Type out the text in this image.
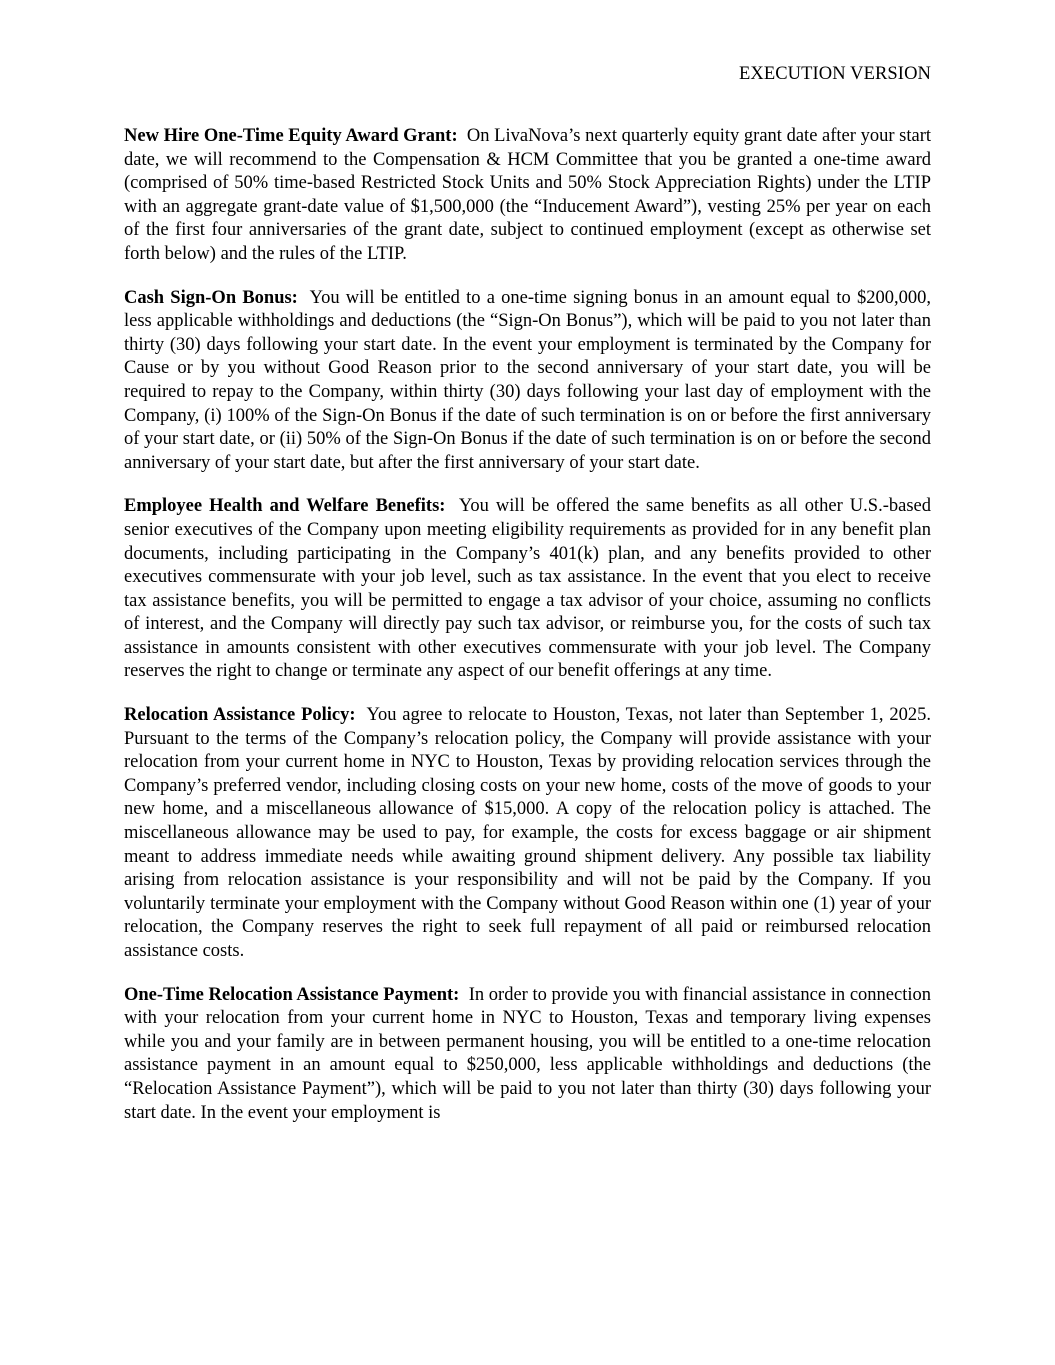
EXECUTION VERSION

New Hire One-Time Equity Award Grant: On LivaNova’s next quarterly equity grant date after your start date, we will recommend to the Compensation & HCM Committee that you be granted a one-time award (comprised of 50% time-based Restricted Stock Units and 50% Stock Appreciation Rights) under the LTIP with an aggregate grant-date value of $1,500,000 (the “Inducement Award”), vesting 25% per year on each of the first four anniversaries of the grant date, subject to continued employment (except as otherwise set forth below) and the rules of the LTIP.

Cash Sign-On Bonus: You will be entitled to a one-time signing bonus in an amount equal to $200,000, less applicable withholdings and deductions (the “Sign-On Bonus”), which will be paid to you not later than thirty (30) days following your start date. In the event your employment is terminated by the Company for Cause or by you without Good Reason prior to the second anniversary of your start date, you will be required to repay to the Company, within thirty (30) days following your last day of employment with the Company, (i) 100% of the Sign-On Bonus if the date of such termination is on or before the first anniversary of your start date, or (ii) 50% of the Sign-On Bonus if the date of such termination is on or before the second anniversary of your start date, but after the first anniversary of your start date.

Employee Health and Welfare Benefits: You will be offered the same benefits as all other U.S.-based senior executives of the Company upon meeting eligibility requirements as provided for in any benefit plan documents, including participating in the Company’s 401(k) plan, and any benefits provided to other executives commensurate with your job level, such as tax assistance. In the event that you elect to receive tax assistance benefits, you will be permitted to engage a tax advisor of your choice, assuming no conflicts of interest, and the Company will directly pay such tax advisor, or reimburse you, for the costs of such tax assistance in amounts consistent with other executives commensurate with your job level. The Company reserves the right to change or terminate any aspect of our benefit offerings at any time.

Relocation Assistance Policy: You agree to relocate to Houston, Texas, not later than September 1, 2025. Pursuant to the terms of the Company’s relocation policy, the Company will provide assistance with your relocation from your current home in NYC to Houston, Texas by providing relocation services through the Company’s preferred vendor, including closing costs on your new home, costs of the move of goods to your new home, and a miscellaneous allowance of $15,000. A copy of the relocation policy is attached. The miscellaneous allowance may be used to pay, for example, the costs for excess baggage or air shipment meant to address immediate needs while awaiting ground shipment delivery. Any possible tax liability arising from relocation assistance is your responsibility and will not be paid by the Company. If you voluntarily terminate your employment with the Company without Good Reason within one (1) year of your relocation, the Company reserves the right to seek full repayment of all paid or reimbursed relocation assistance costs.

One-Time Relocation Assistance Payment: In order to provide you with financial assistance in connection with your relocation from your current home in NYC to Houston, Texas and temporary living expenses while you and your family are in between permanent housing, you will be entitled to a one-time relocation assistance payment in an amount equal to $250,000, less applicable withholdings and deductions (the “Relocation Assistance Payment”), which will be paid to you not later than thirty (30) days following your start date. In the event your employment is
